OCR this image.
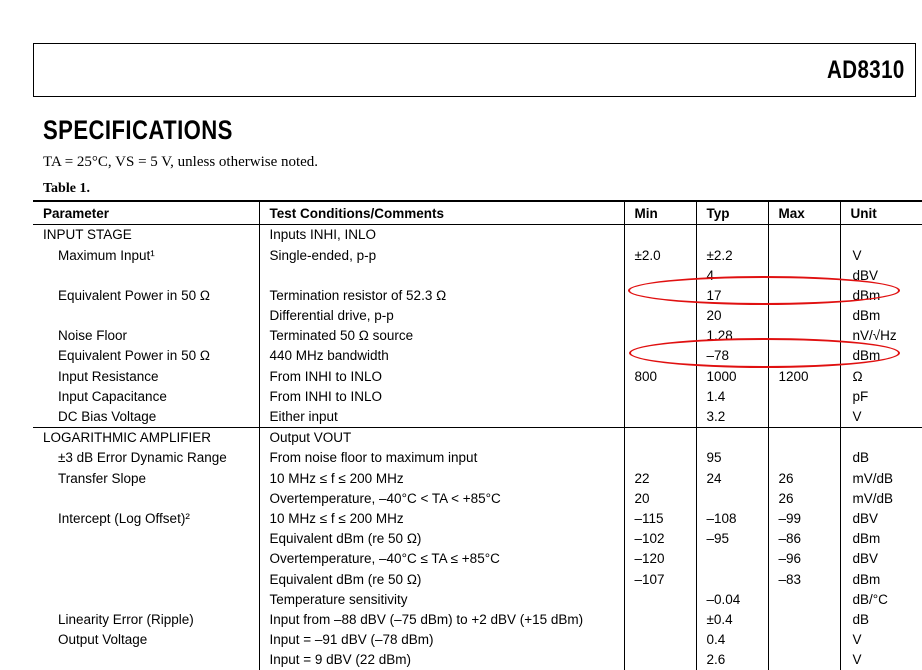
AD8310
SPECIFICATIONS
TA = 25°C, VS = 5 V, unless otherwise noted.
Table 1.
Parameter	Test Conditions/Comments	Min	Typ	Max	Unit
INPUT STAGE	Inputs INHI, INLO				
Maximum Input¹	Single-ended, p-p	±2.0	±2.2		V
			4		dBV
Equivalent Power in 50 Ω	Termination resistor of 52.3 Ω		17		dBm
	Differential drive, p-p		20		dBm
Noise Floor	Terminated 50 Ω source		1.28		nV/√Hz
Equivalent Power in 50 Ω	440 MHz bandwidth		–78		dBm
Input Resistance	From INHI to INLO	800	1000	1200	Ω
Input Capacitance	From INHI to INLO		1.4		pF
DC Bias Voltage	Either input		3.2		V
LOGARITHMIC AMPLIFIER	Output VOUT				
±3 dB Error Dynamic Range	From noise floor to maximum input		95		dB
Transfer Slope	10 MHz ≤ f ≤ 200 MHz	22	24	26	mV/dB
	Overtemperature, –40°C < TA < +85°C	20		26	mV/dB
Intercept (Log Offset)²	10 MHz ≤ f ≤ 200 MHz	–115	–108	–99	dBV
	Equivalent dBm (re 50 Ω)	–102	–95	–86	dBm
	Overtemperature, –40°C ≤ TA ≤ +85°C	–120		–96	dBV
	Equivalent dBm (re 50 Ω)	–107		–83	dBm
	Temperature sensitivity		–0.04		dB/°C
Linearity Error (Ripple)	Input from –88 dBV (–75 dBm) to +2 dBV (+15 dBm)		±0.4		dB
Output Voltage	Input = –91 dBV (–78 dBm)		0.4		V
	Input = 9 dBV (22 dBm)		2.6		V
